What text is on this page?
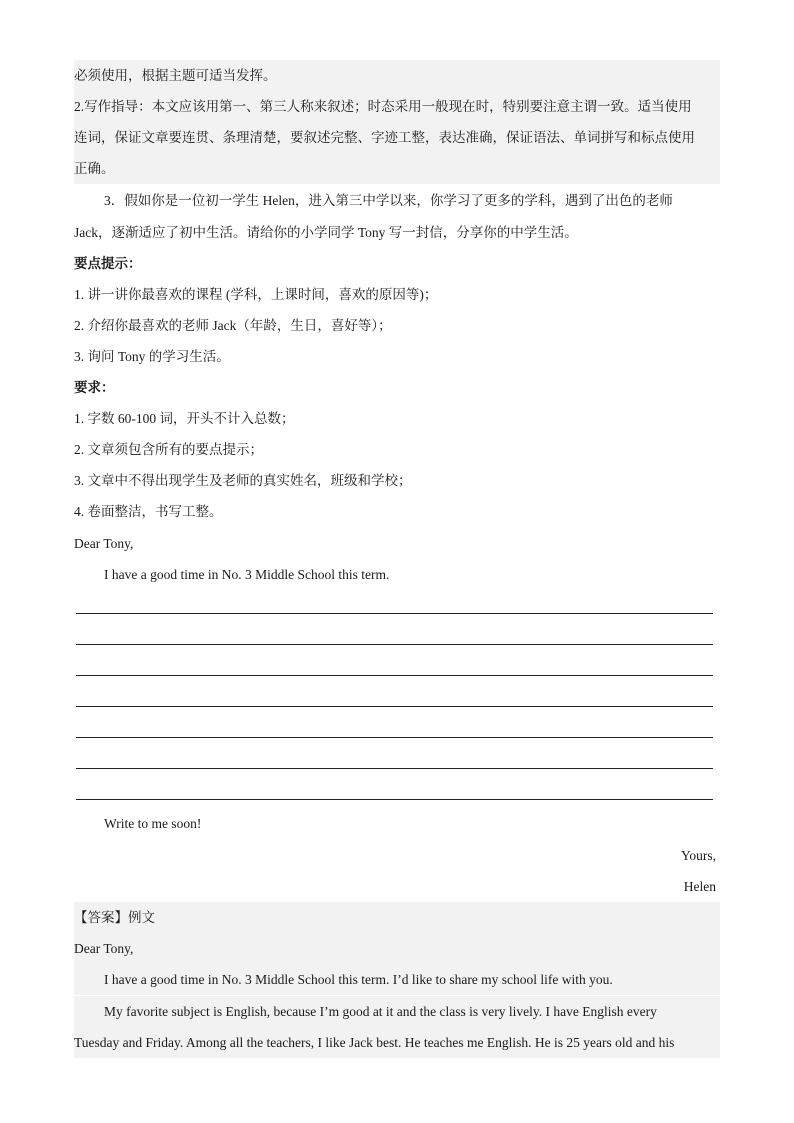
必须使用，根据主题可适当发挥。
2.写作指导：本文应该用第一、第三人称来叙述；时态采用一般现在时，特别要注意主谓一致。适当使用
连词，保证文章要连贯、条理清楚，要叙述完整、字迹工整，表达准确，保证语法、单词拼写和标点使用
正确。
3．假如你是一位初一学生 Helen，进入第三中学以来，你学习了更多的学科，遇到了出色的老师
Jack，逐渐适应了初中生活。请给你的小学同学 Tony 写一封信，分享你的中学生活。
要点提示：
1. 讲一讲你最喜欢的课程 (学科，上课时间，喜欢的原因等)；
2. 介绍你最喜欢的老师 Jack（年龄，生日，喜好等）；
3. 询问 Tony 的学习生活。
要求：
1. 字数 60-100 词，开头不计入总数；
2. 文章须包含所有的要点提示；
3. 文章中不得出现学生及老师的真实姓名，班级和学校；
4. 卷面整洁，书写工整。
Dear Tony,
I have a good time in No. 3 Middle School this term.
Write to me soon!
Yours,
Helen
【答案】例文
Dear Tony,
I have a good time in No. 3 Middle School this term. I’d like to share my school life with you.
My favorite subject is English, because I’m good at it and the class is very lively. I have English every
Tuesday and Friday. Among all the teachers, I like Jack best. He teaches me English. He is 25 years old and his
